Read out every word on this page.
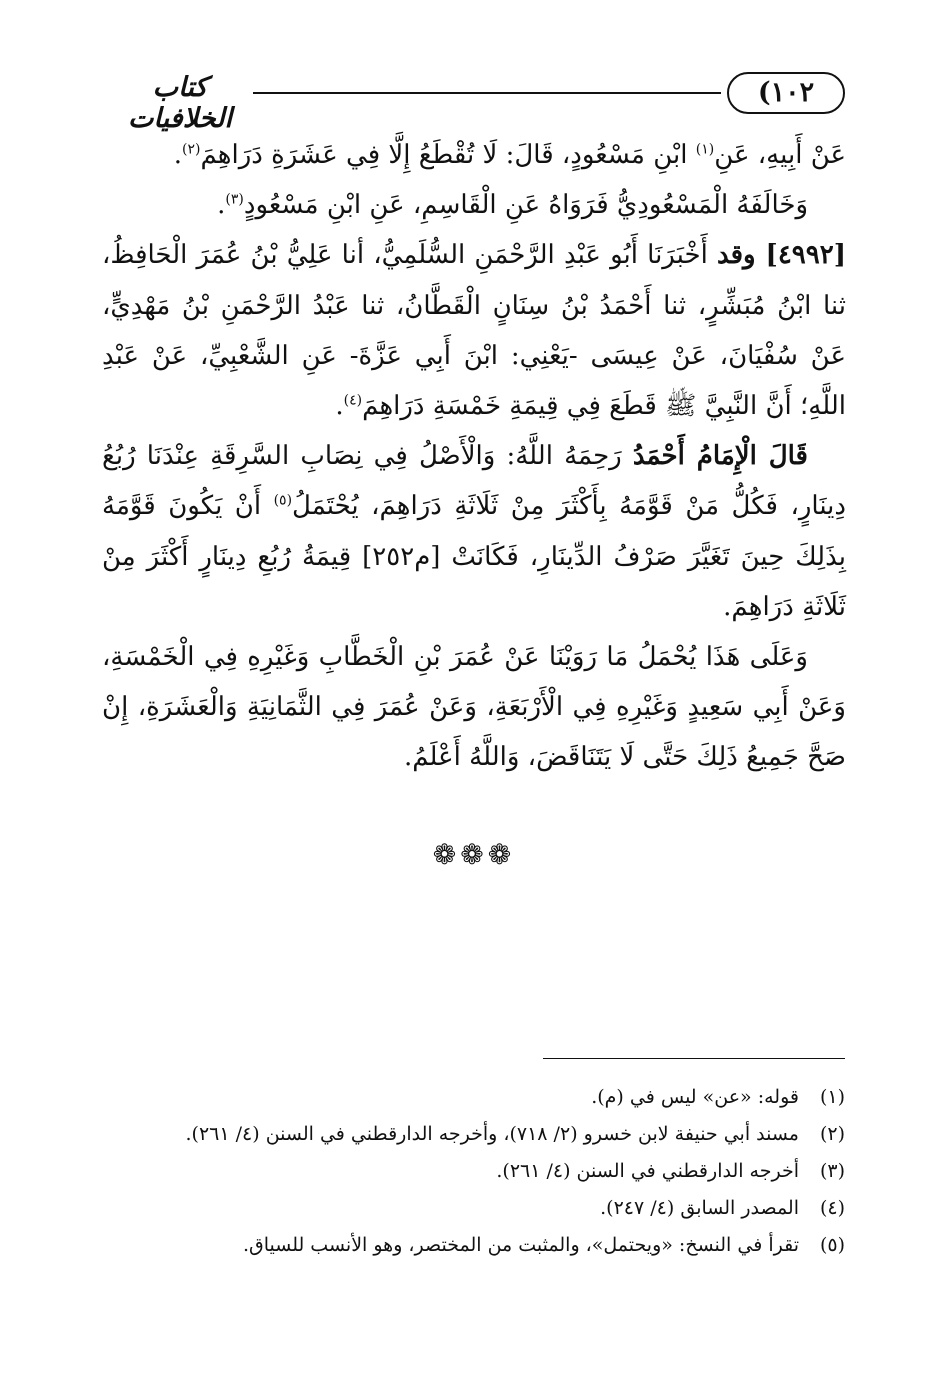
كتاب الخلافيات
(١٠٢

عَنْ أَبِيهِ، عَنِ$^{(١)}$ ابْنِ مَسْعُودٍ، قَالَ: لَا تُقْطَعُ إِلَّا فِي عَشَرَةِ دَرَاهِمَ$^{(٢)}$.

وَخَالَفَهُ الْمَسْعُودِيُّ فَرَوَاهُ عَنِ الْقَاسِمِ، عَنِ ابْنِ مَسْعُودٍ$^{(٣)}$.

[٤٩٩٢] وقد أَخْبَرَنَا أَبُو عَبْدِ الرَّحْمَنِ السُّلَمِيُّ، أنا عَلِيُّ بْنُ عُمَرَ الْحَافِظُ، ثنا ابْنُ مُبَشِّرٍ، ثنا أَحْمَدُ بْنُ سِنَانٍ الْقَطَّانُ، ثنا عَبْدُ الرَّحْمَنِ بْنُ مَهْدِيٍّ، عَنْ سُفْيَانَ، عَنْ عِيسَى -يَعْنِي: ابْنَ أَبِي عَزَّةَ- عَنِ الشَّعْبِيِّ، عَنْ عَبْدِ اللَّهِ؛ أَنَّ النَّبِيَّ ﷺ قَطَعَ فِي قِيمَةِ خَمْسَةِ دَرَاهِمَ$^{(٤)}$.

قَالَ الْإِمَامُ أَحْمَدُ رَحِمَهُ اللَّهُ: وَالْأَصْلُ فِي نِصَابِ السَّرِقَةِ عِنْدَنَا رُبُعُ دِينَارٍ، فَكُلُّ مَنْ قَوَّمَهُ بِأَكْثَرَ مِنْ ثَلَاثَةِ دَرَاهِمَ، يُحْتَمَلُ$^{(٥)}$ أَنْ يَكُونَ قَوَّمَهُ بِذَلِكَ حِينَ تَغَيَّرَ صَرْفُ الدِّينَارِ، فَكَانَتْ [م٢٥٢] قِيمَةُ رُبُعِ دِينَارٍ أَكْثَرَ مِنْ ثَلَاثَةِ دَرَاهِمَ.

وَعَلَى هَذَا يُحْمَلُ مَا رَوَيْنَا عَنْ عُمَرَ بْنِ الْخَطَّابِ وَغَيْرِهِ فِي الْخَمْسَةِ، وَعَنْ أَبِي سَعِيدٍ وَغَيْرِهِ فِي الْأَرْبَعَةِ، وَعَنْ عُمَرَ فِي الثَّمَانِيَةِ وَالْعَشَرَةِ، إِنْ صَحَّ جَمِيعُ ذَلِكَ حَتَّى لَا يَتَنَاقَضَ، وَاللَّهُ أَعْلَمُ.

❁❁❁
(١)
قوله: «عن» ليس في (م).
(٢)
مسند أبي حنيفة لابن خسرو (٢/ ٧١٨)، وأخرجه الدارقطني في السنن (٤/ ٢٦١).
(٣)
أخرجه الدارقطني في السنن (٤/ ٢٦١).
(٤)
المصدر السابق (٤/ ٢٤٧).
(٥)
تقرأ في النسخ: «ويحتمل»، والمثبت من المختصر، وهو الأنسب للسياق.
